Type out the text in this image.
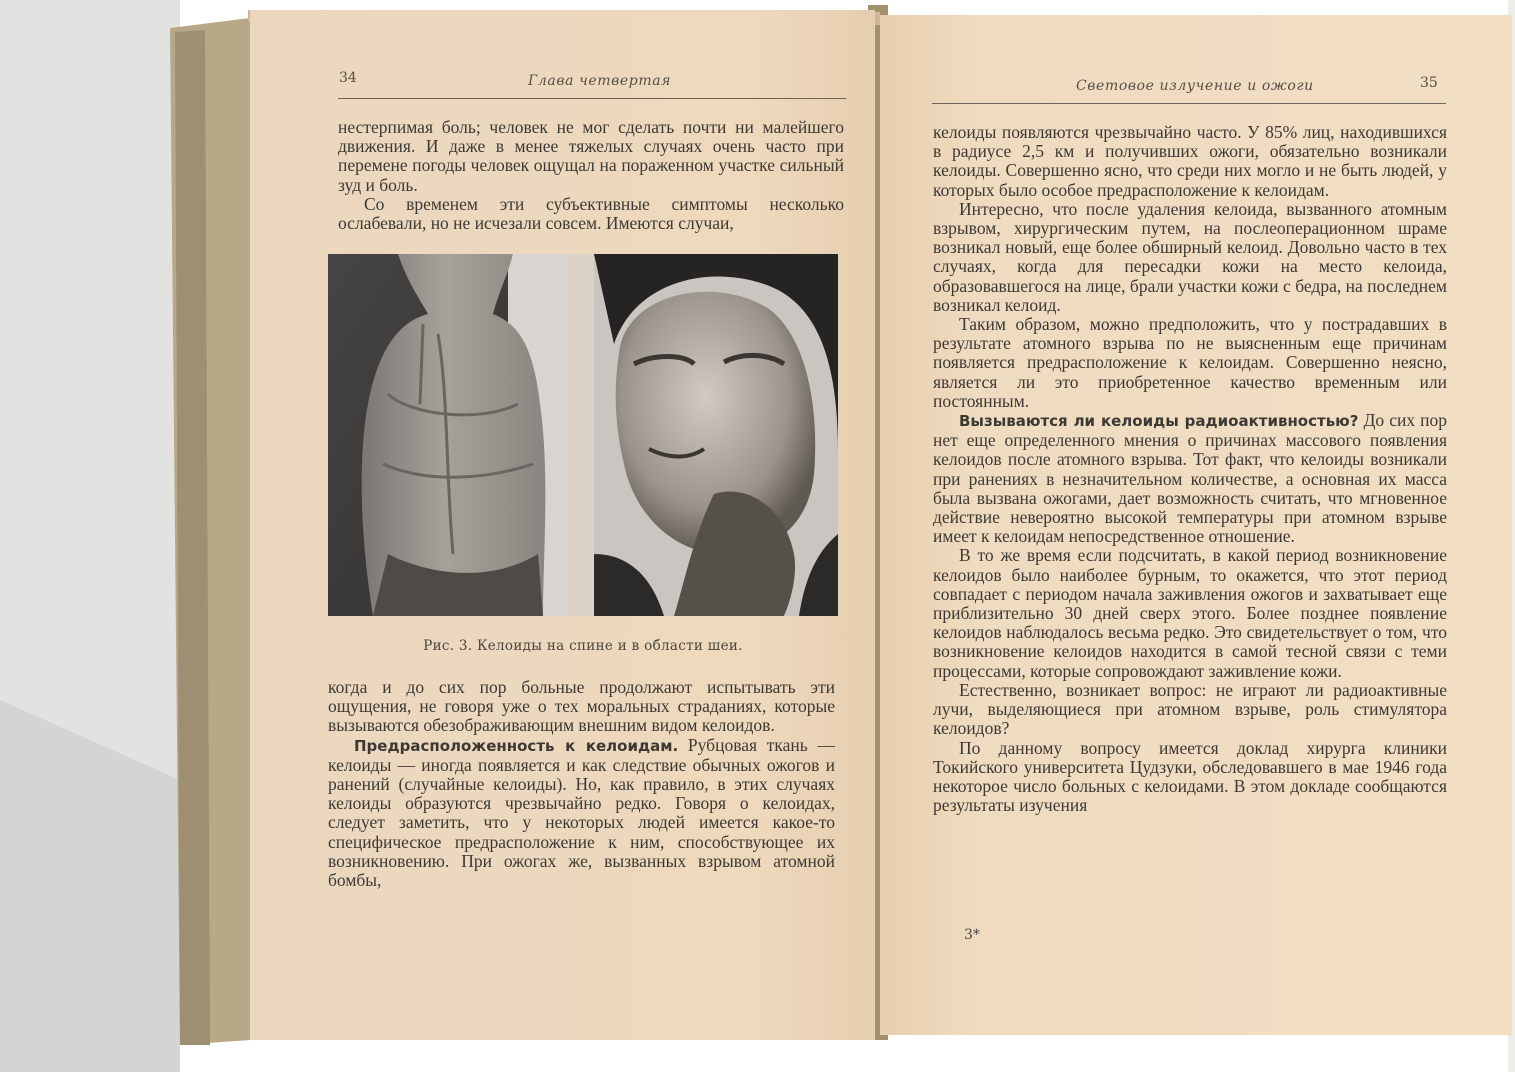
34	Глава четвертая

нестерпимая боль; человек не мог сделать почти ни малейшего движения. И даже в менее тяжелых случаях очень часто при перемене погоды человек ощущал на пораженном участке сильный зуд и боль.

Со временем эти субъективные симптомы несколько ослабевали, но не исчезали совсем. Имеются случаи,

Рис. 3. Келоиды на спине и в области шеи.

когда и до сих пор больные продолжают испытывать эти ощущения, не говоря уже о тех моральных страданиях, которые вызываются обезображивающим внешним видом келоидов.

Предрасположенность к келоидам. Рубцовая ткань — келоиды — иногда появляется и как следствие обычных ожогов и ранений (случайные келоиды). Но, как правило, в этих случаях келоиды образуются чрезвычайно редко. Говоря о келоидах, следует заметить, что у некоторых людей имеется какое-то специфическое предрасположение к ним, способствующее их возникновению. При ожогах же, вызванных взрывом атомной бомбы,

Световое излучение и ожоги	35

келоиды появляются чрезвычайно часто. У 85% лиц, находившихся в радиусе 2,5 км и получивших ожоги, обязательно возникали келоиды. Совершенно ясно, что среди них могло и не быть людей, у которых было особое предрасположение к келоидам.

Интересно, что после удаления келоида, вызванного атомным взрывом, хирургическим путем, на послеоперационном шраме возникал новый, еще более обширный келоид. Довольно часто в тех случаях, когда для пересадки кожи на место келоида, образовавшегося на лице, брали участки кожи с бедра, на последнем возникал келоид.

Таким образом, можно предположить, что у пострадавших в результате атомного взрыва по не выясненным еще причинам появляется предрасположение к келоидам. Совершенно неясно, является ли это приобретенное качество временным или постоянным.

Вызываются ли келоиды радиоактивностью? До сих пор нет еще определенного мнения о причинах массового появления келоидов после атомного взрыва. Тот факт, что келоиды возникали при ранениях в незначительном количестве, а основная их масса была вызвана ожогами, дает возможность считать, что мгновенное действие невероятно высокой температуры при атомном взрыве имеет к келоидам непосредственное отношение.

В то же время если подсчитать, в какой период возникновение келоидов было наиболее бурным, то окажется, что этот период совпадает с периодом начала заживления ожогов и захватывает еще приблизительно 30 дней сверх этого. Более позднее появление келоидов наблюдалось весьма редко. Это свидетельствует о том, что возникновение келоидов находится в самой тесной связи с теми процессами, которые сопровождают заживление кожи.

Естественно, возникает вопрос: не играют ли радиоактивные лучи, выделяющиеся при атомном взрыве, роль стимулятора келоидов?

По данному вопросу имеется доклад хирурга клиники Токийского университета Цудзуки, обследовавшего в мае 1946 года некоторое число больных с келоидами. В этом докладе сообщаются результаты изучения

3*
